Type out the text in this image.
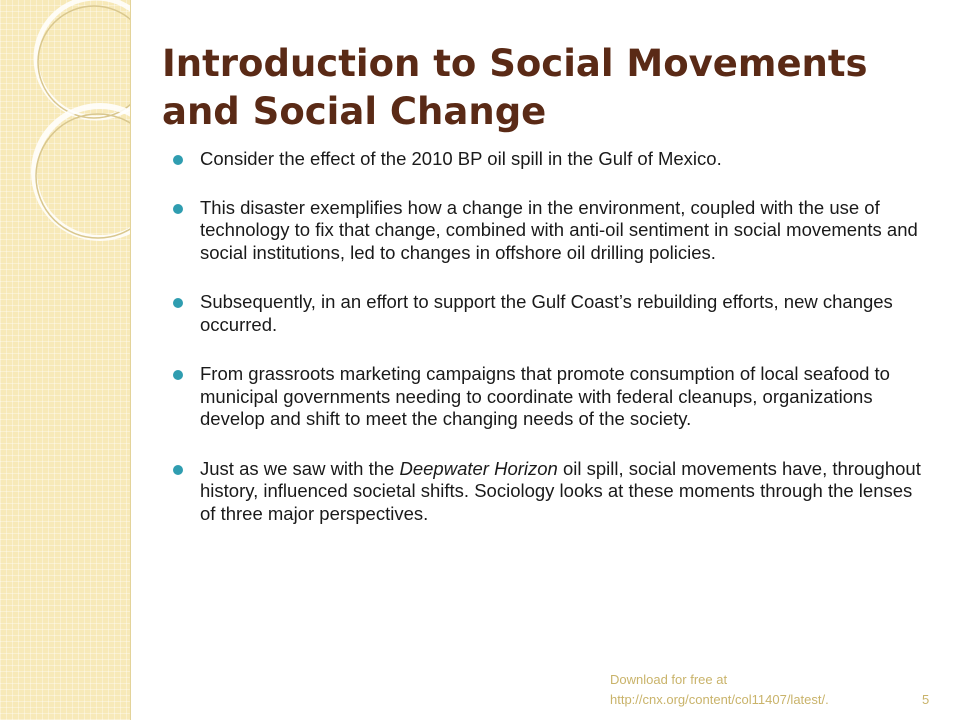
Introduction to Social Movements and Social Change
Consider the effect of the 2010 BP oil spill in the Gulf of Mexico.
This disaster exemplifies how a change in the environment, coupled with the use of technology to fix that change, combined with anti-oil sentiment in social movements and social institutions, led to changes in offshore oil drilling policies.
Subsequently, in an effort to support the Gulf Coast’s rebuilding efforts, new changes occurred.
From grassroots marketing campaigns that promote consumption of local seafood to municipal governments needing to coordinate with federal cleanups, organizations develop and shift to meet the changing needs of the society.
Just as we saw with the Deepwater Horizon oil spill, social movements have, throughout history, influenced societal shifts. Sociology looks at these moments through the lenses of three major perspectives.
Download for free at
http://cnx.org/content/col11407/latest/.	5
